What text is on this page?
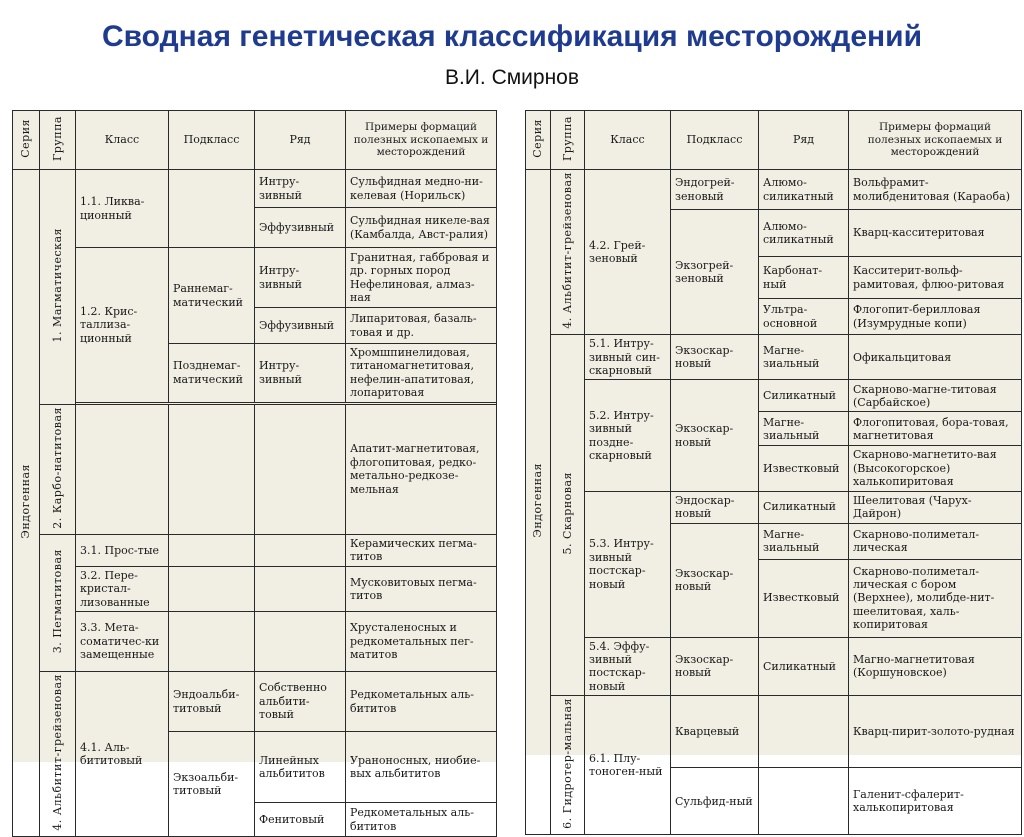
Сводная генетическая классификация месторождений
В.И. Смирнов
Серия	Группа	Класс	Подкласс	Ряд	Примеры формаций полезных ископаемых и месторождений
Эндогенная	1. Магматическая	1.1. Ликва-ционный		Интру-зивный	Сульфидная медно-ни-келевая (Норильск)
				Эффузивный	Сульфидная никеле-вая (Камбалда, Авст-ралия)
		1.2. Крис-таллиза-ционный	Раннемаг-матический	Интру-зивный	Гранитная, габбровая и др. горных пород Нефелиновая, алмаз-ная
				Эффузивный	Липаритовая, базаль-товая и др.
			Позднемаг-матический	Интру-зивный	Хромшпинелидовая, титаномагнетитовая, нефелин-апатитовая, лопаритовая

	2. Карбо-натитовая				Апатит-магнетитовая, флогопитовая, редко-метально-редкозе-мельная
	3. Пегматитовая	3.1. Прос-тые			Керамических пегма-титов
		3.2. Пере-кристал-лизованные			Мусковитовых пегма-титов
		3.3. Мета-соматичес-ки замещенные			Хрусталеносных и редкометальных пег-матитов
	4. Альбитит-грейзеновая	4.1. Аль-бититовый	Эндоальби-титовый	Собственно альбити-товый	Редкометальных аль-бититов
			Экзоальби-титовый	Линейных альбититов	Ураноносных, ниобие-вых альбититов
				Фенитовый	Редкометальных аль-бититов
Серия	Группа	Класс	Подкласс	Ряд	Примеры формаций полезных ископаемых и месторождений
Эндогенная	4. Альбитит-грейзеновая	4.2. Грей-зеновый	Эндогрей-зеновый	Алюмо-силикатный	Вольфрамит-молибденитовая (Караоба)
			Экзогрей-зеновый	Алюмо-силикатный	Кварц-касситеритовая
				Карбонат-ный	Касситерит-вольф-рамитовая, флюо-ритовая
				Ультра-основной	Флогопит-берилловая (Изумрудные копи)
	5. Скарновая	5.1. Интру-зивный син-скарновый	Экзоскар-новый	Магне-зиальный	Офикальцитовая
		5.2. Интру-зивный поздне-скарновый	Экзоскар-новый	Силикатный	Скарново-магне-титовая (Сарбайское)
				Магне-зиальный	Флогопитовая, бора-товая, магнетитовая
				Известковый	Скарново-магнетито-вая (Высокогорское) халькопиритовая
		5.3. Интру-зивный постскар-новый	Эндоскар-новый	Силикатный	Шеелитовая (Чарух-Дайрон)
			Экзоскар-новый	Магне-зиальный	Скарново-полиметал-лическая
				Известковый	Скарново-полиметал-лическая с бором (Верхнее), молибде-нит-шеелитовая, халь-копиритовая
		5.4. Эффу-зивный постскар-новый	Экзоскар-новый	Силикатный	Магно-магнетитовая (Коршуновское)
	6. Гидротер-мальная	6.1. Плу-тоноген-ный	Кварцевый		Кварц-пирит-золото-рудная
			Сульфид-ный		Галенит-сфалерит-халькопиритовая
